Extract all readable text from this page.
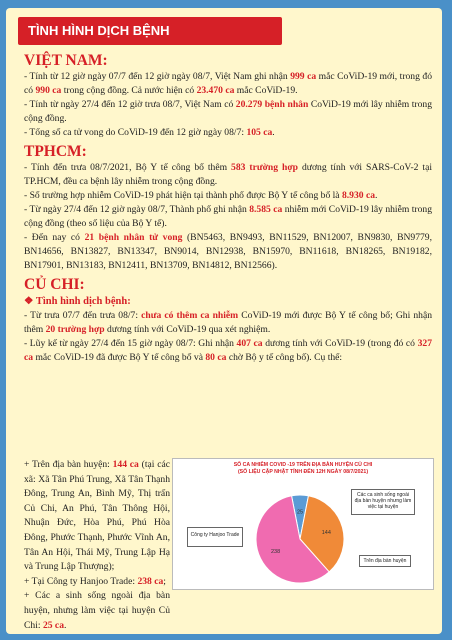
TÌNH HÌNH DỊCH BỆNH
VIỆT NAM:

- Tính từ 12 giờ ngày 07/7 đến 12 giờ ngày 08/7, Việt Nam ghi nhận 999 ca mắc CoViD-19 mới, trong đó có 990 ca trong cộng đồng. Cả nước hiện có 23.470 ca mắc CoViD-19.

- Tính từ ngày 27/4 đến 12 giờ trưa 08/7, Việt Nam có 20.279 bệnh nhân CoViD-19 mới lây nhiễm trong cộng đồng.

- Tổng số ca tử vong do CoViD-19 đến 12 giờ ngày 08/7: 105 ca.

TPHCM:

- Tính đến trưa 08/7/2021, Bộ Y tế công bố thêm 583 trường hợp dương tính với SARS-CoV-2 tại TP.HCM, đều ca bệnh lây nhiễm trong cộng đồng.

- Số trường hợp nhiễm CoViD-19 phát hiện tại thành phố được Bộ Y tế công bố là 8.930 ca.

- Từ ngày 27/4 đến 12 giờ ngày 08/7, Thành phố ghi nhận 8.585 ca nhiễm mới CoViD-19 lây nhiễm trong cộng đồng (theo số liệu của Bộ Y tế).

- Đến nay có 21 bệnh nhân tử vong (BN5463, BN9493, BN11529, BN12007, BN9830, BN9779, BN14656, BN13827, BN13347, BN9014, BN12938, BN15970, BN11618, BN18265, BN19182, BN17901, BN13183, BN12411, BN13709, BN14812, BN12566).

CỦ CHI:
❖ Tình hình dịch bệnh:

- Từ trưa 07/7 đến trưa 08/7: chưa có thêm ca nhiễm CoViD-19 mới được Bộ Y tế công bố; Ghi nhận thêm 20 trường hợp dương tính với CoViD-19 qua xét nghiệm.

- Lũy kế từ ngày 27/4 đến 15 giờ ngày 08/7: Ghi nhận 407 ca dương tính với CoViD-19 (trong đó có 327 ca mắc CoViD-19 đã được Bộ Y tế công bố và 80 ca chờ Bộ y tế công bố). Cụ thể:

+ Trên địa bàn huyện: 144 ca (tại các xã: Xã Tân Phú Trung, Xã Tân Thạnh Đông, Trung An, Bình Mỹ, Thị trấn Củ Chi, An Phú, Tân Thông Hội, Nhuận Đức, Hòa Phú, Phú Hòa Đông, Phước Thạnh, Phước Vĩnh An, Tân An Hội, Thái Mỹ, Trung Lập Hạ và Trung Lập Thượng);

+ Tại Công ty Hanjoo Trade: 238 ca;

+ Các a sinh sống ngoài địa bàn huyện, nhưng làm việc tại huyện Củ Chi: 25 ca.

SỐ CA NHIỄM COVID -19 TRÊN ĐỊA BÀN HUYỆN CỦ CHI
(SỐ LIỆU CẬP NHẬT TÍNH ĐẾN 12H NGÀY 08/7/2021)
25
144
238
Công ty Hanjoo Trade
Trên địa bàn huyện
Các ca sinh sống ngoài địa bàn huyện nhưng làm việc tại huyện
